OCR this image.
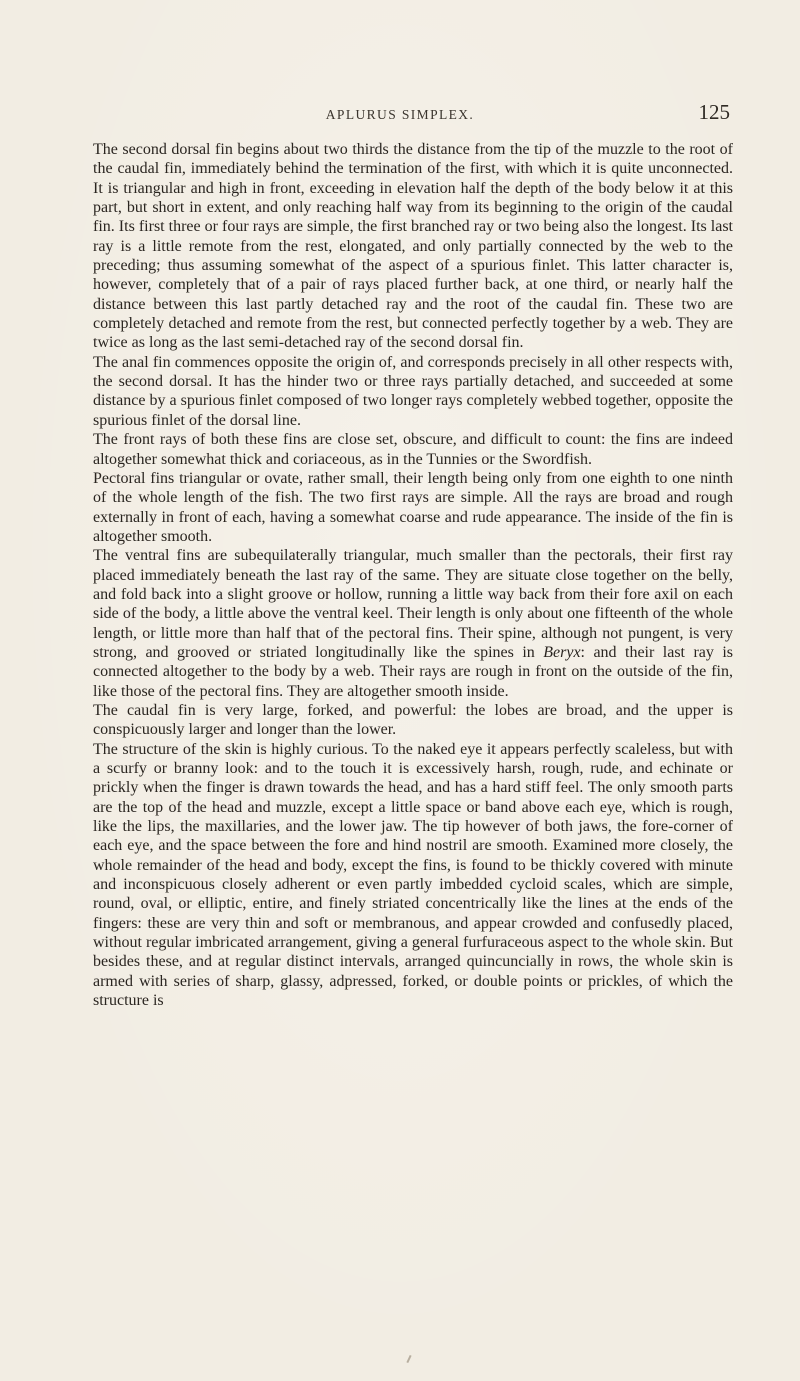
APLURUS SIMPLEX.	125

The second dorsal fin begins about two thirds the distance from the tip of the muzzle to the root of the caudal fin, immediately behind the termination of the first, with which it is quite unconnected. It is triangular and high in front, exceeding in elevation half the depth of the body below it at this part, but short in extent, and only reaching half way from its beginning to the origin of the caudal fin. Its first three or four rays are simple, the first branched ray or two being also the longest. Its last ray is a little remote from the rest, elongated, and only partially connected by the web to the preceding; thus assuming somewhat of the aspect of a spurious finlet. This latter character is, however, completely that of a pair of rays placed further back, at one third, or nearly half the distance between this last partly detached ray and the root of the caudal fin. These two are completely detached and remote from the rest, but connected perfectly together by a web. They are twice as long as the last semi-detached ray of the second dorsal fin.

The anal fin commences opposite the origin of, and corresponds precisely in all other respects with, the second dorsal. It has the hinder two or three rays partially detached, and succeeded at some distance by a spurious finlet composed of two longer rays completely webbed together, opposite the spurious finlet of the dorsal line.

The front rays of both these fins are close set, obscure, and difficult to count: the fins are indeed altogether somewhat thick and coriaceous, as in the Tunnies or the Swordfish.

Pectoral fins triangular or ovate, rather small, their length being only from one eighth to one ninth of the whole length of the fish. The two first rays are simple. All the rays are broad and rough externally in front of each, having a somewhat coarse and rude appearance. The inside of the fin is altogether smooth.

The ventral fins are subequilaterally triangular, much smaller than the pectorals, their first ray placed immediately beneath the last ray of the same. They are situate close together on the belly, and fold back into a slight groove or hollow, running a little way back from their fore axil on each side of the body, a little above the ventral keel. Their length is only about one fifteenth of the whole length, or little more than half that of the pectoral fins. Their spine, although not pungent, is very strong, and grooved or striated longitudinally like the spines in Beryx: and their last ray is connected altogether to the body by a web. Their rays are rough in front on the outside of the fin, like those of the pectoral fins. They are altogether smooth inside.

The caudal fin is very large, forked, and powerful: the lobes are broad, and the upper is conspicuously larger and longer than the lower.

The structure of the skin is highly curious. To the naked eye it appears perfectly scaleless, but with a scurfy or branny look: and to the touch it is excessively harsh, rough, rude, and echinate or prickly when the finger is drawn towards the head, and has a hard stiff feel. The only smooth parts are the top of the head and muzzle, except a little space or band above each eye, which is rough, like the lips, the maxillaries, and the lower jaw. The tip however of both jaws, the fore-corner of each eye, and the space between the fore and hind nostril are smooth. Examined more closely, the whole remainder of the head and body, except the fins, is found to be thickly covered with minute and inconspicuous closely adherent or even partly imbedded cycloid scales, which are simple, round, oval, or elliptic, entire, and finely striated concentrically like the lines at the ends of the fingers: these are very thin and soft or membranous, and appear crowded and confusedly placed, without regular imbricated arrangement, giving a general furfuraceous aspect to the whole skin. But besides these, and at regular distinct intervals, arranged quincuncially in rows, the whole skin is armed with series of sharp, glassy, adpressed, forked, or double points or prickles, of which the structure is
